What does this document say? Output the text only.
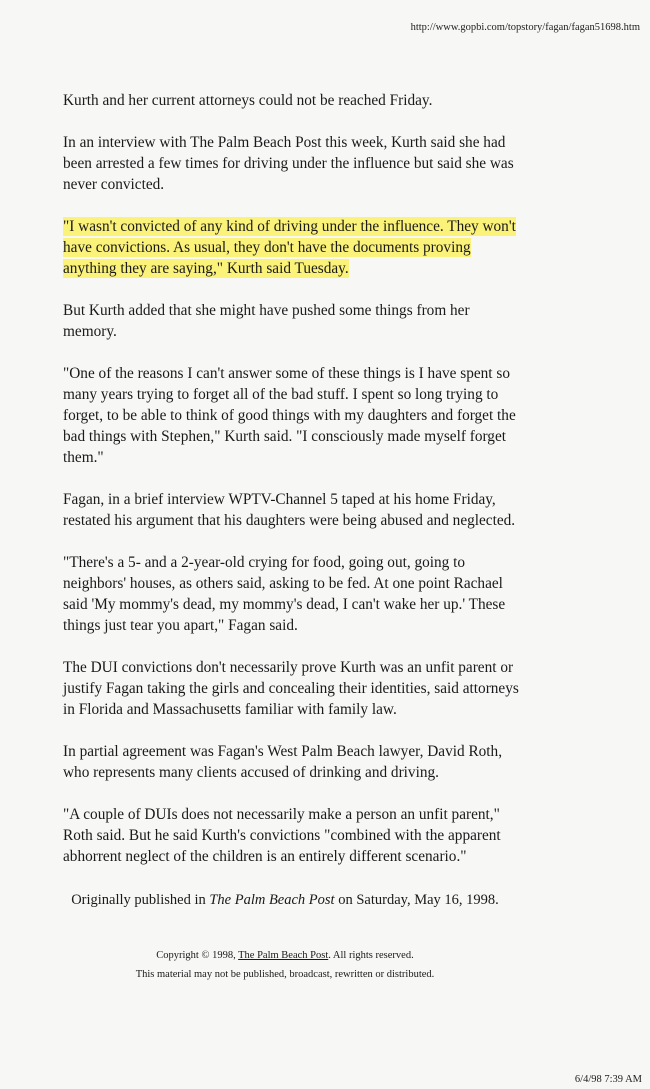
http://www.gopbi.com/topstory/fagan/fagan51698.htm

Kurth and her current attorneys could not be reached Friday.

In an interview with The Palm Beach Post this week, Kurth said she had been arrested a few times for driving under the influence but said she was never convicted.

"I wasn't convicted of any kind of driving under the influence. They won't have convictions. As usual, they don't have the documents proving anything they are saying," Kurth said Tuesday.

But Kurth added that she might have pushed some things from her memory.

"One of the reasons I can't answer some of these things is I have spent so many years trying to forget all of the bad stuff. I spent so long trying to forget, to be able to think of good things with my daughters and forget the bad things with Stephen," Kurth said. "I consciously made myself forget them."

Fagan, in a brief interview WPTV-Channel 5 taped at his home Friday, restated his argument that his daughters were being abused and neglected.

"There's a 5- and a 2-year-old crying for food, going out, going to neighbors' houses, as others said, asking to be fed. At one point Rachael said 'My mommy's dead, my mommy's dead, I can't wake her up.' These things just tear you apart," Fagan said.

The DUI convictions don't necessarily prove Kurth was an unfit parent or justify Fagan taking the girls and concealing their identities, said attorneys in Florida and Massachusetts familiar with family law.

In partial agreement was Fagan's West Palm Beach lawyer, David Roth, who represents many clients accused of drinking and driving.

"A couple of DUIs does not necessarily make a person an unfit parent," Roth said. But he said Kurth's convictions "combined with the apparent abhorrent neglect of the children is an entirely different scenario."

Originally published in The Palm Beach Post on Saturday, May 16, 1998.
Copyright © 1998, The Palm Beach Post. All rights reserved.
This material may not be published, broadcast, rewritten or distributed.
6/4/98 7:39 AM
